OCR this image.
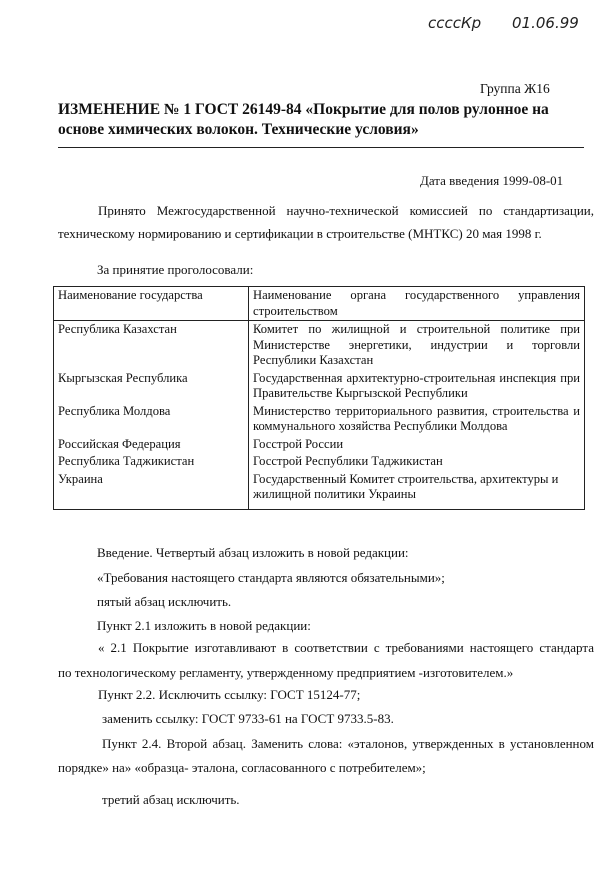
ссссКр 01.06.99
Группа Ж16
ИЗМЕНЕНИЕ № 1 ГОСТ 26149-84 «Покрытие для полов рулонное на
основе химических волокон. Технические условия»
Дата введения 1999-08-01
Принято Межгосударственной научно-технической комиссией по стандартизации,
техническому нормированию и сертификации в строительстве (МНТКС) 20 мая 1998 г.
За принятие проголосовали:
Наименование государства	Наименование органа государственного управления строительством
Республика Казахстан	Комитет по жилищной и строительной политике при Министерстве энергетики, индустрии и торговли Республики Казахстан
Кыргызская Республика	Государственная архитектурно-строительная инспекция при Правительстве Кыргызской Республики
Республика Молдова	Министерство территориального развития, строительства и коммунального хозяйства Республики Молдова
Российская Федерация	Госстрой России
Республика Таджикистан	Госстрой Республики Таджикистан
Украина	Государственный Комитет строительства, архитектуры и жилищной политики Украины
Введение. Четвертый абзац изложить в новой редакции:
«Требования настоящего стандарта являются обязательными»;
пятый абзац исключить.
Пункт 2.1 изложить в новой редакции:
« 2.1 Покрытие изготавливают в соответствии с требованиями настоящего стандарта
по технологическому регламенту, утвержденному предприятием -изготовителем.»
Пункт 2.2. Исключить ссылку: ГОСТ 15124-77;
заменить ссылку: ГОСТ 9733-61 на ГОСТ 9733.5-83.
Пункт 2.4. Второй абзац. Заменить слова: «эталонов, утвержденных в установленном
порядке» на» «образца- эталона, согласованного с потребителем»;
третий абзац исключить.
